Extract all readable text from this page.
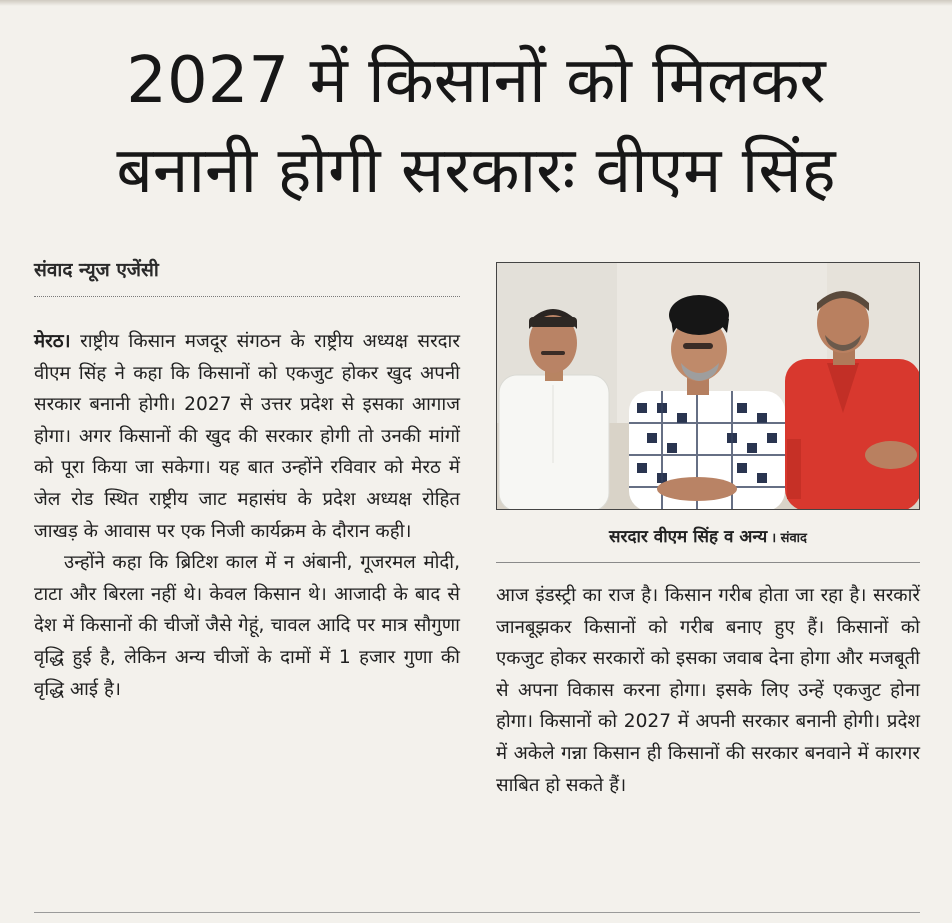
2027 में किसानों को मिलकर
बनानी होगी सरकारः वीएम सिंह
संवाद न्यूज एजेंसी

मेरठ। राष्ट्रीय किसान मजदूर संगठन के राष्ट्रीय अध्यक्ष सरदार वीएम सिंह ने कहा कि किसानों को एकजुट होकर खुद अपनी सरकार बनानी होगी। 2027 से उत्तर प्रदेश से इसका आगाज होगा। अगर किसानों की खुद की सरकार होगी तो उनकी मांगों को पूरा किया जा सकेगा। यह बात उन्होंने रविवार को मेरठ में जेल रोड स्थित राष्ट्रीय जाट महासंघ के प्रदेश अध्यक्ष रोहित जाखड़ के आवास पर एक निजी कार्यक्रम के दौरान कही।

उन्होंने कहा कि ब्रिटिश काल में न अंबानी, गूजरमल मोदी, टाटा और बिरला नहीं थे। केवल किसान थे। आजादी के बाद से देश में किसानों की चीजों जैसे गेहूं, चावल आदि पर मात्र सौगुणा वृद्धि हुई है, लेकिन अन्य चीजों के दामों में 1 हजार गुणा की वृद्धि आई है।

सरदार वीएम सिंह व अन्य । संवाद

आज इंडस्ट्री का राज है। किसान गरीब होता जा रहा है। सरकारें जानबूझकर किसानों को गरीब बनाए हुए हैं। किसानों को एकजुट होकर सरकारों को इसका जवाब देना होगा और मजबूती से अपना विकास करना होगा। इसके लिए उन्हें एकजुट होना होगा। किसानों को 2027 में अपनी सरकार बनानी होगी। प्रदेश में अकेले गन्ना किसान ही किसानों की सरकार बनवाने में कारगर साबित हो सकते हैं।
